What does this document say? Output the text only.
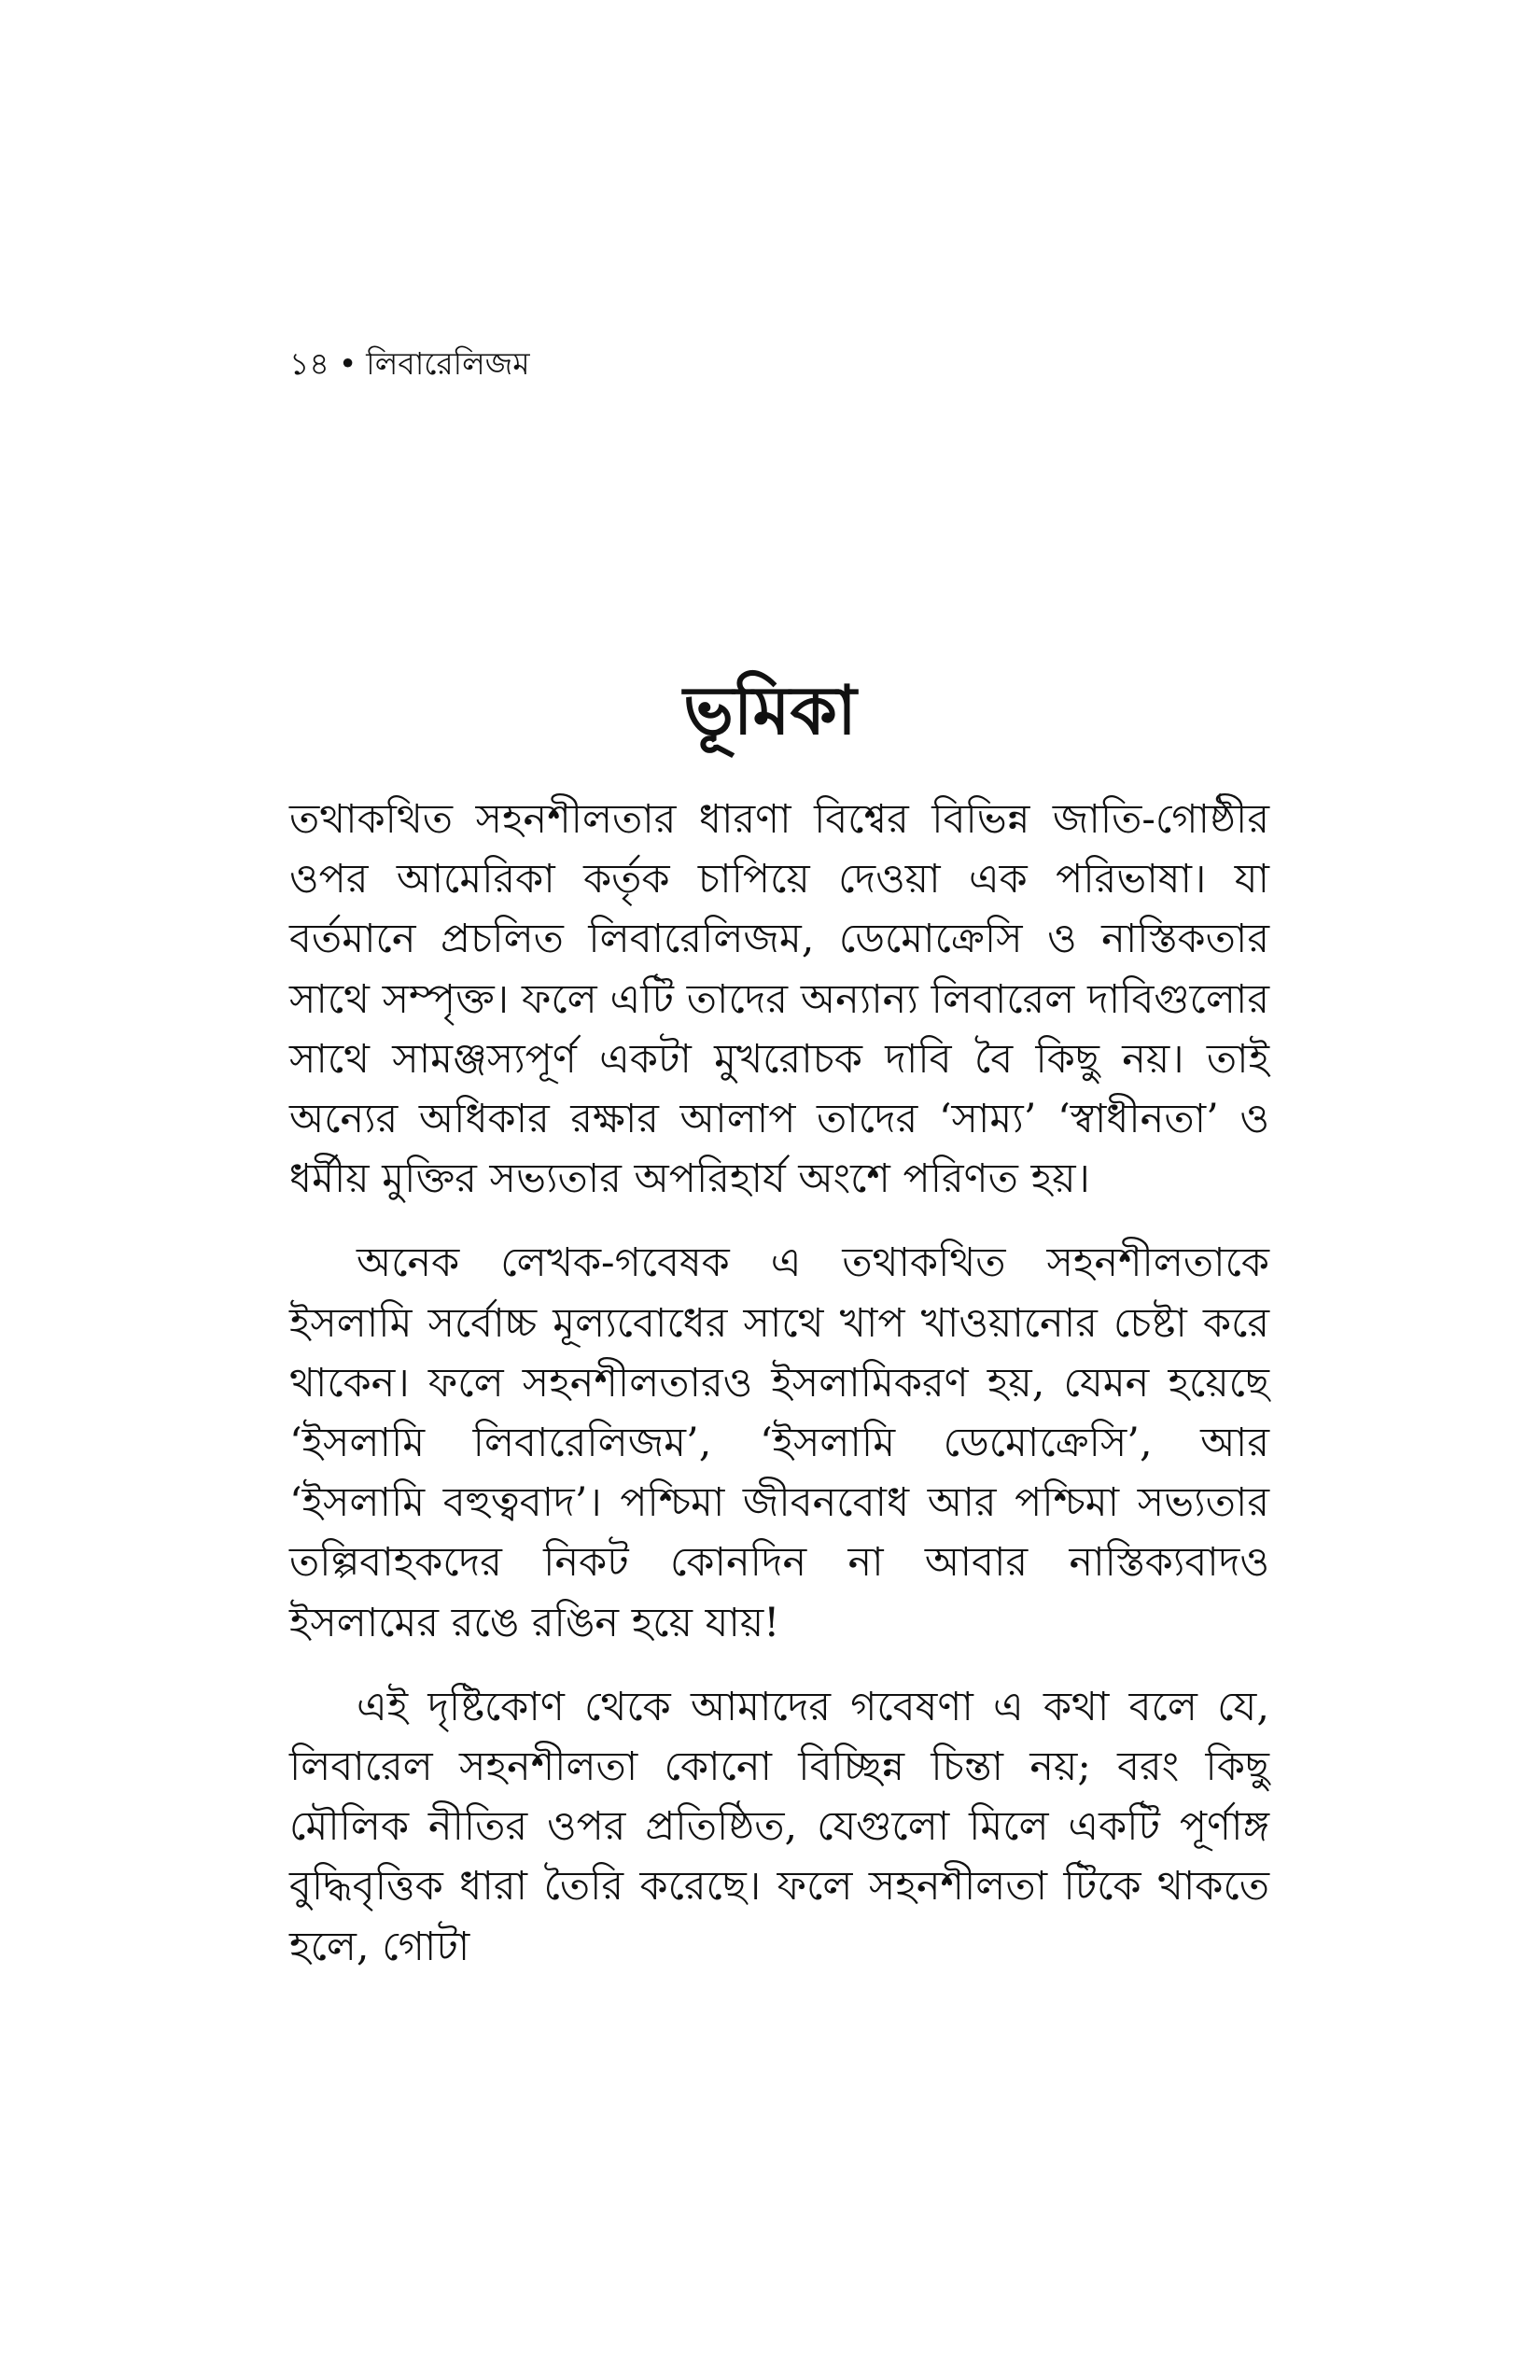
১৪ • লিবারেলিজম
ভূমিকা

তথাকথিত সহনশীলতার ধারণা বিশ্বের বিভিন্ন জাতি-গোষ্ঠীর ওপর আমেরিকা কর্তৃক চাপিয়ে দেওয়া এক পরিভাষা। যা বর্তমানে প্রচলিত লিবারেলিজম, ডেমোক্রেসি ও নাস্তিকতার সাথে সম্পৃক্ত। ফলে এটি তাদের অন্যান্য লিবারেল দাবিগুলোর সাথে সামঞ্জস্যপূর্ণ একটা মুখরোচক দাবি বৈ কিছু নয়। তাই অন্যের অধিকার রক্ষার আলাপ তাদের ‘সাম্য’ ‘স্বাধীনতা’ ও ধর্মীয় মুক্তির সভ্যতার অপরিহার্য অংশে পরিণত হয়।

অনেক লেখক-গবেষক এ তথাকথিত সহনশীলতাকে ইসলামি সর্বোচ্চ মূল্যবোধের সাথে খাপ খাওয়ানোর চেষ্টা করে থাকেন। ফলে সহনশীলতারও ইসলামিকরণ হয়, যেমন হয়েছে ‘ইসলামি লিবারেলিজম’, ‘ইসলামি ডেমোক্রেসি’, আর ‘ইসলামি বহুত্ববাদ’। পশ্চিমা জীবনবোধ আর পশ্চিমা সভ্যতার তল্পিবাহকদের নিকট কোনদিন না আবার নাস্তিক্যবাদও ইসলামের রঙে রঙিন হয়ে যায়!

এই দৃষ্টিকোণ থেকে আমাদের গবেষণা এ কথা বলে যে, লিবারেল সহনশীলতা কোনো বিচ্ছিন্ন চিন্তা নয়; বরং কিছু মৌলিক নীতির ওপর প্রতিষ্ঠিত, যেগুলো মিলে একটি পূর্ণাঙ্গ বুদ্ধিবৃত্তিক ধারা তৈরি করেছে। ফলে সহনশীলতা টিকে থাকতে হলে, গোটা
